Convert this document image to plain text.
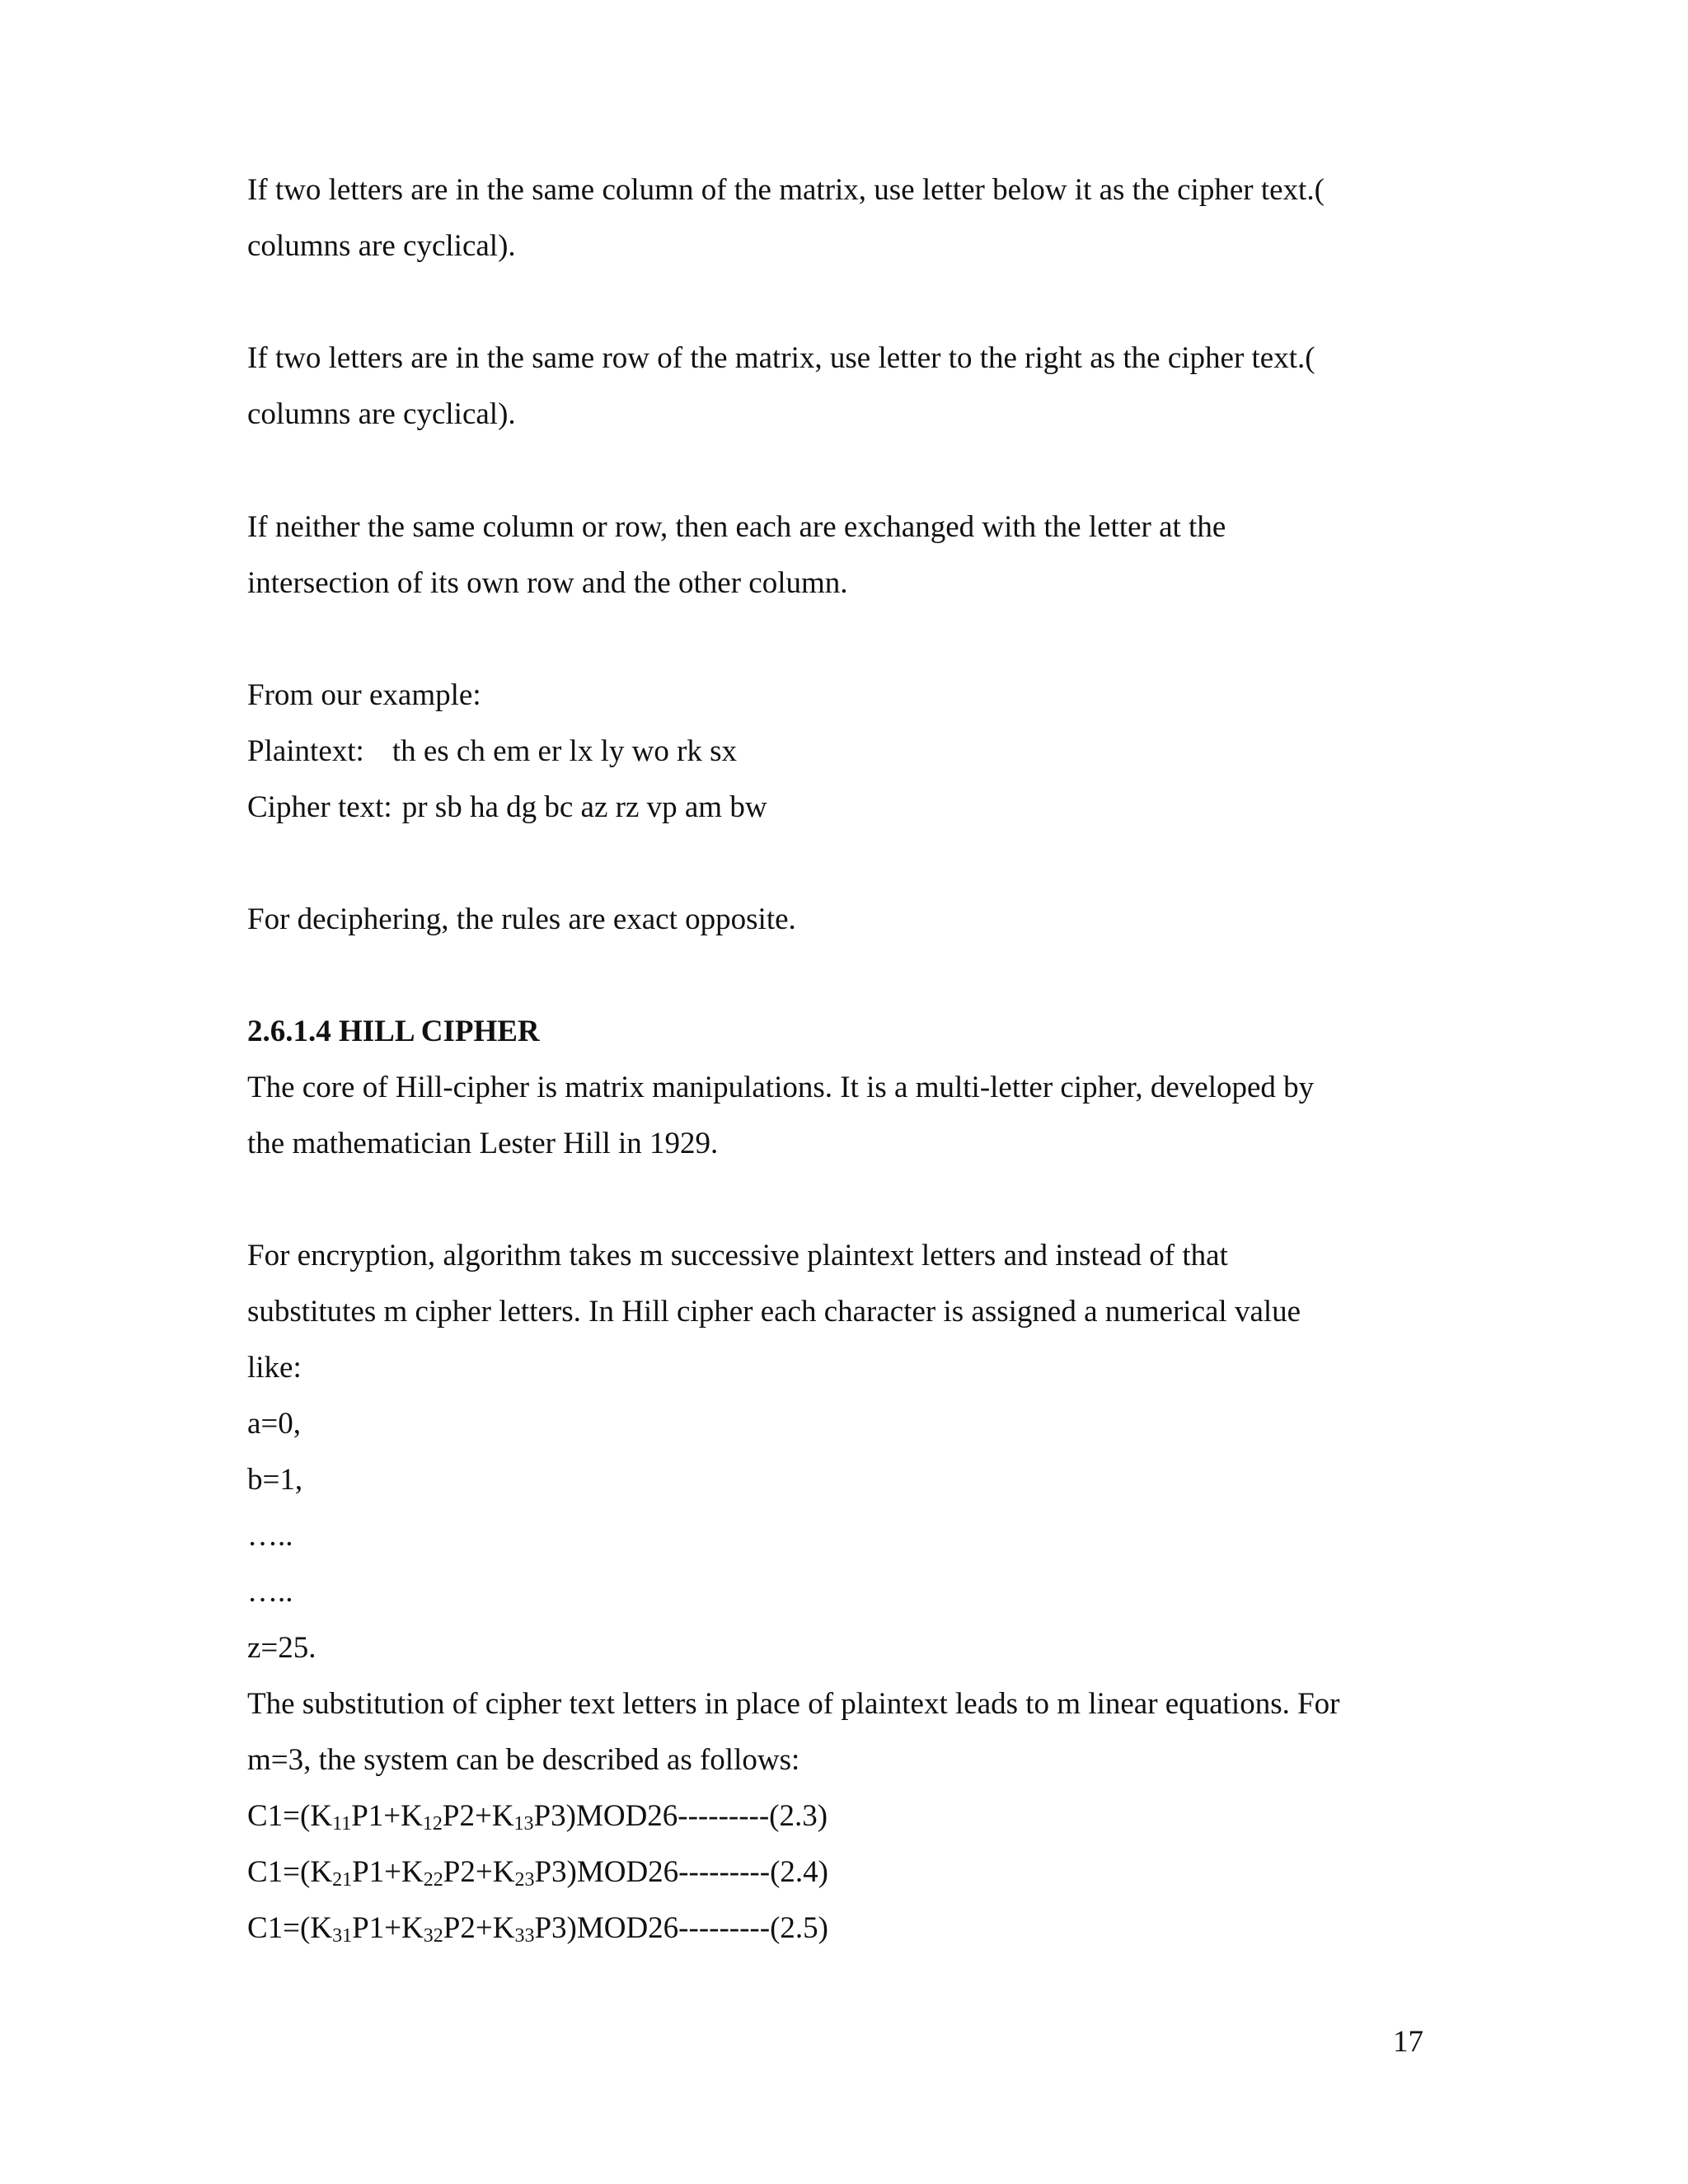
If two letters are in the same column of the matrix, use letter below it as the cipher text.(
columns are cyclical).
If two letters are in the same row of the matrix, use letter to the right as the cipher text.(
columns are cyclical).
If neither the same column or row, then each are exchanged with the letter at the
intersection of its own row and the other column.
From our example:
Plaintext: th es ch em er lx ly wo rk sx
Cipher text: pr sb ha dg bc az rz vp am bw
For deciphering, the rules are exact opposite.
2.6.1.4 HILL CIPHER
The core of Hill-cipher is matrix manipulations. It is a multi-letter cipher, developed by
the mathematician Lester Hill in 1929.
For encryption, algorithm takes m successive plaintext letters and instead of that
substitutes m cipher letters. In Hill cipher each character is assigned a numerical value
like:
a=0,
b=1,
…..
…..
z=25.
The substitution of cipher text letters in place of plaintext leads to m linear equations. For
m=3, the system can be described as follows:
$C1=(K_{11}P1+K_{12}P2+K_{13}P3)MOD26---------(2.3)$
$C1=(K_{21}P1+K_{22}P2+K_{23}P3)MOD26---------(2.4)$
$C1=(K_{31}P1+K_{32}P2+K_{33}P3)MOD26---------(2.5)$
17
